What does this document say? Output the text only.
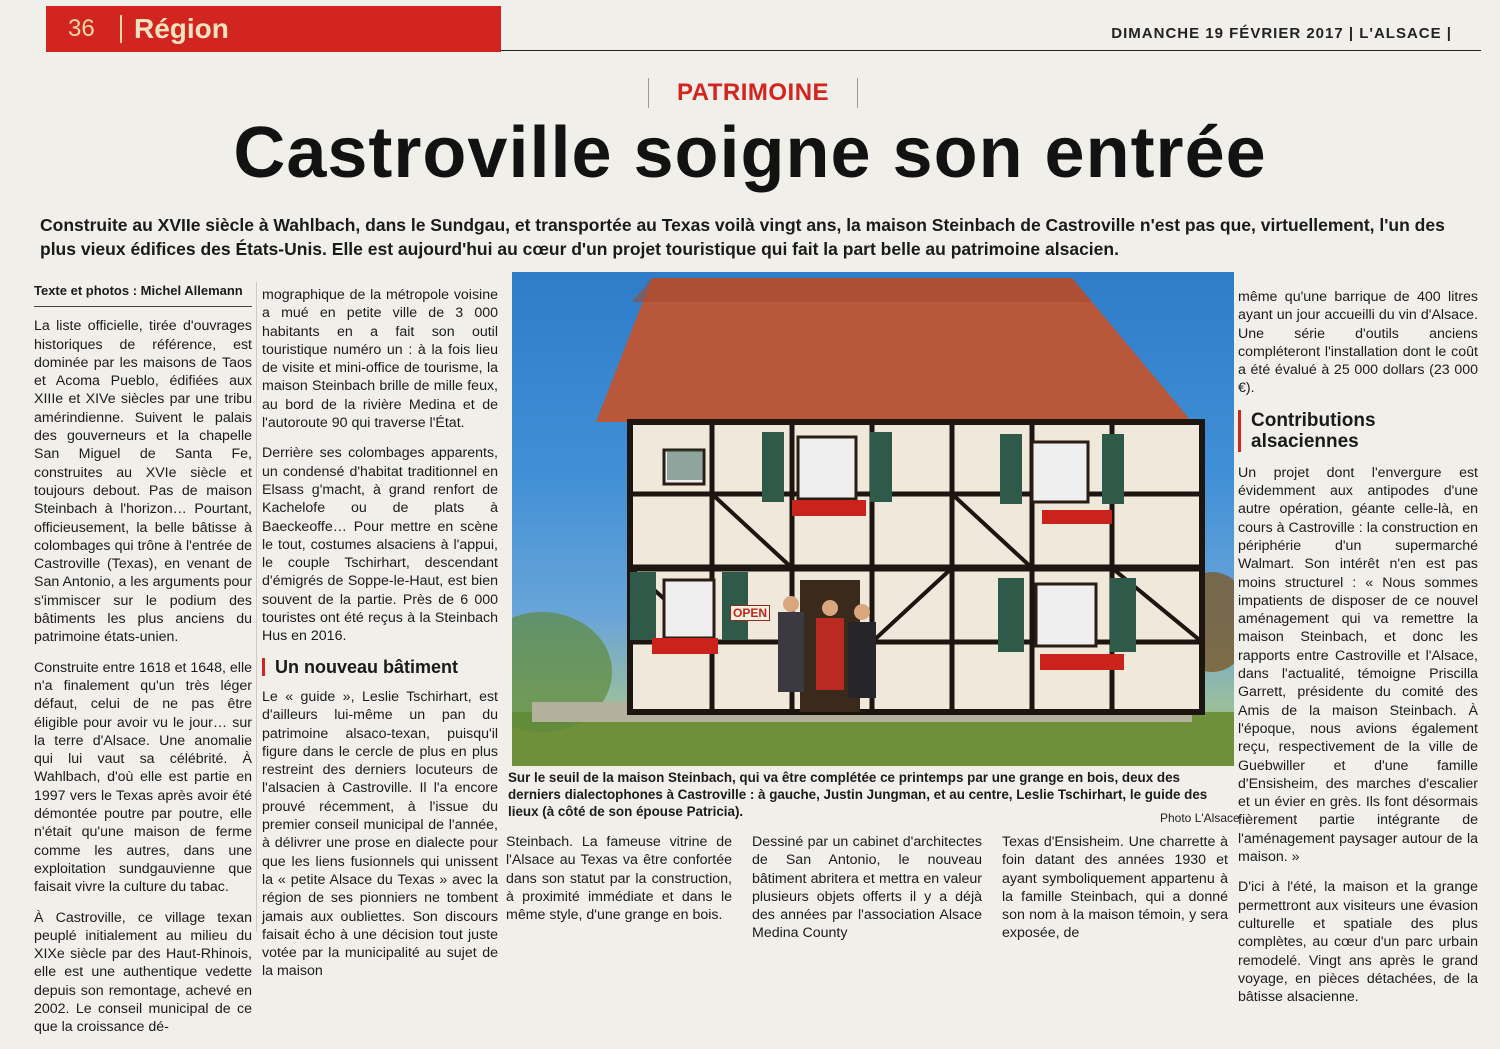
36	Région	DIMANCHE 19 FÉVRIER 2017 | L'ALSACE |
PATRIMOINE
Castroville soigne son entrée
Construite au XVIIe siècle à Wahlbach, dans le Sundgau, et transportée au Texas voilà vingt ans, la maison Steinbach de Castroville n'est pas que, virtuellement, l'un des plus vieux édifices des États-Unis. Elle est aujourd'hui au cœur d'un projet touristique qui fait la part belle au patrimoine alsacien.
Texte et photos : Michel Allemann

La liste officielle, tirée d'ouvrages historiques de référence, est dominée par les maisons de Taos et Acoma Pueblo, édifiées aux XIIIe et XIVe siècles par une tribu amérindienne. Suivent le palais des gouverneurs et la chapelle San Miguel de Santa Fe, construites au XVIe siècle et toujours debout. Pas de maison Steinbach à l'horizon… Pourtant, officieusement, la belle bâtisse à colombages qui trône à l'entrée de Castroville (Texas), en venant de San Antonio, a les arguments pour s'immiscer sur le podium des bâtiments les plus anciens du patrimoine états-unien.

Construite entre 1618 et 1648, elle n'a finalement qu'un très léger défaut, celui de ne pas être éligible pour avoir vu le jour… sur la terre d'Alsace. Une anomalie qui lui vaut sa célébrité. À Wahlbach, d'où elle est partie en 1997 vers le Texas après avoir été démontée poutre par poutre, elle n'était qu'une maison de ferme comme les autres, dans une exploitation sundgauvienne que faisait vivre la culture du tabac.

À Castroville, ce village texan peuplé initialement au milieu du XIXe siècle par des Haut-Rhinois, elle est une authentique vedette depuis son remontage, achevé en 2002. Le conseil municipal de ce que la croissance dé-

mographique de la métropole voisine a mué en petite ville de 3 000 habitants en a fait son outil touristique numéro un : à la fois lieu de visite et mini-office de tourisme, la maison Steinbach brille de mille feux, au bord de la rivière Medina et de l'autoroute 90 qui traverse l'État.

Derrière ses colombages apparents, un condensé d'habitat traditionnel en Elsass g'macht, à grand renfort de Kachelofe ou de plats à Baeckeoffe… Pour mettre en scène le tout, costumes alsaciens à l'appui, le couple Tschirhart, descendant d'émigrés de Soppe-le-Haut, est bien souvent de la partie. Près de 6 000 touristes ont été reçus à la Steinbach Hus en 2016.

Un nouveau bâtiment

Le « guide », Leslie Tschirhart, est d'ailleurs lui-même un pan du patrimoine alsaco-texan, puisqu'il figure dans le cercle de plus en plus restreint des derniers locuteurs de l'alsacien à Castroville. Il l'a encore prouvé récemment, à l'issue du premier conseil municipal de l'année, à délivrer une prose en dialecte pour que les liens fusionnels qui unissent la « petite Alsace du Texas » avec la région de ses pionniers ne tombent jamais aux oubliettes. Son discours faisait écho à une décision tout juste votée par la municipalité au sujet de la maison

OPEN
Sur le seuil de la maison Steinbach, qui va être complétée ce printemps par une grange en bois, deux des derniers dialectophones à Castroville : à gauche, Justin Jungman, et au centre, Leslie Tschirhart, le guide des lieux (à côté de son épouse Patricia).	Photo L'Alsace
Steinbach. La fameuse vitrine de l'Alsace au Texas va être confortée dans son statut par la construction, à proximité immédiate et dans le même style, d'une grange en bois.
Dessiné par un cabinet d'architectes de San Antonio, le nouveau bâtiment abritera et mettra en valeur plusieurs objets offerts il y a déjà des années par l'association Alsace Medina County
Texas d'Ensisheim. Une charrette à foin datant des années 1930 et ayant symboliquement appartenu à la famille Steinbach, qui a donné son nom à la maison témoin, y sera exposée, de

même qu'une barrique de 400 litres ayant un jour accueilli du vin d'Alsace. Une série d'outils anciens compléteront l'installation dont le coût a été évalué à 25 000 dollars (23 000 €).

Contributions alsaciennes

Un projet dont l'envergure est évidemment aux antipodes d'une autre opération, géante celle-là, en cours à Castroville : la construction en périphérie d'un supermarché Walmart. Son intérêt n'en est pas moins structurel : « Nous sommes impatients de disposer de ce nouvel aménagement qui va remettre la maison Steinbach, et donc les rapports entre Castroville et l'Alsace, dans l'actualité, témoigne Priscilla Garrett, présidente du comité des Amis de la maison Steinbach. À l'époque, nous avions également reçu, respectivement de la ville de Guebwiller et d'une famille d'Ensisheim, des marches d'escalier et un évier en grès. Ils font désormais fièrement partie intégrante de l'aménagement paysager autour de la maison. »

D'ici à l'été, la maison et la grange permettront aux visiteurs une évasion culturelle et spatiale des plus complètes, au cœur d'un parc urbain remodelé. Vingt ans après le grand voyage, en pièces détachées, de la bâtisse alsacienne.
